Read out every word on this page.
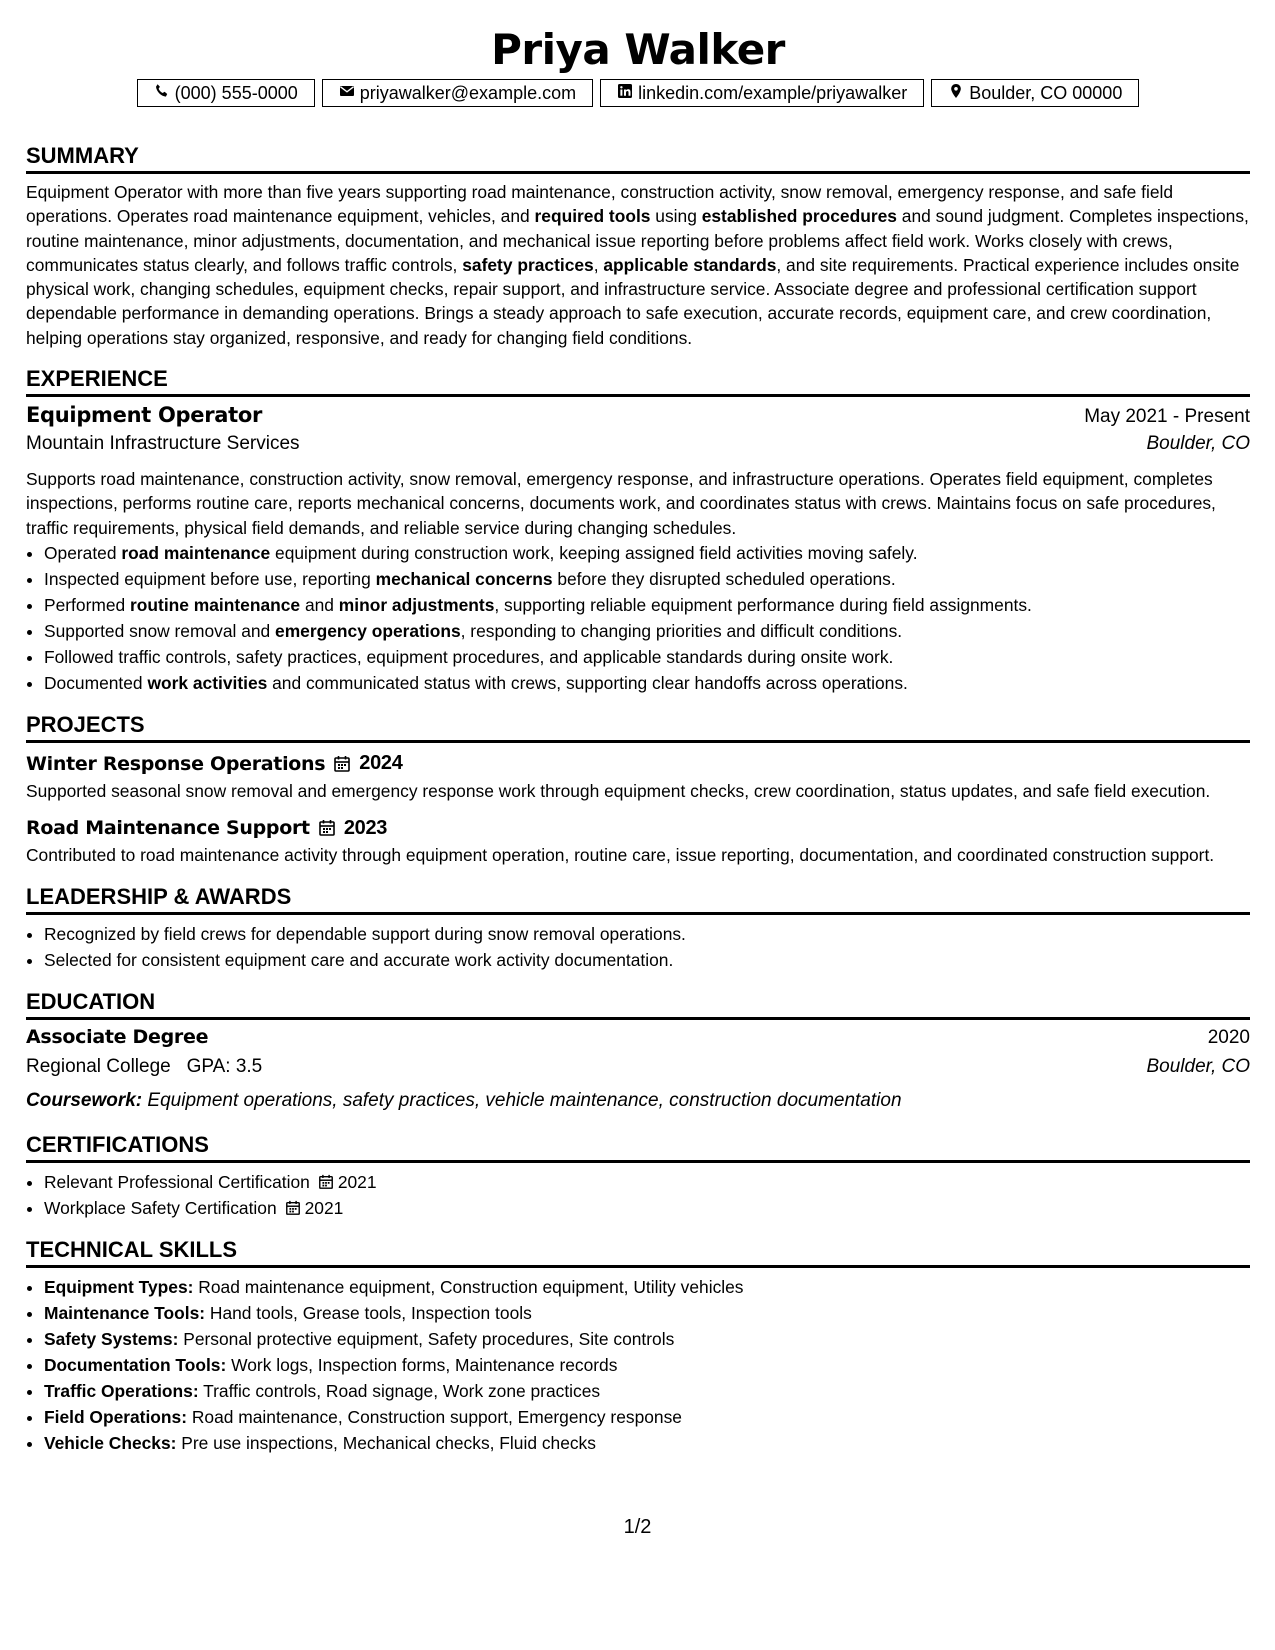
Priya Walker
(000) 555-0000	priyawalker@example.com	linkedin.com/example/priyawalker	Boulder, CO 00000
SUMMARY
Equipment Operator with more than five years supporting road maintenance, construction activity, snow removal, emergency response, and safe field operations. Operates road maintenance equipment, vehicles, and required tools using established procedures and sound judgment. Completes inspections, routine maintenance, minor adjustments, documentation, and mechanical issue reporting before problems affect field work. Works closely with crews, communicates status clearly, and follows traffic controls, safety practices, applicable standards, and site requirements. Practical experience includes onsite physical work, changing schedules, equipment checks, repair support, and infrastructure service. Associate degree and professional certification support dependable performance in demanding operations. Brings a steady approach to safe execution, accurate records, equipment care, and crew coordination, helping operations stay organized, responsive, and ready for changing field conditions.
EXPERIENCE
Equipment Operator	May 2021 - Present
Mountain Infrastructure Services	Boulder, CO
Supports road maintenance, construction activity, snow removal, emergency response, and infrastructure operations. Operates field equipment, completes inspections, performs routine care, reports mechanical concerns, documents work, and coordinates status with crews. Maintains focus on safe procedures, traffic requirements, physical field demands, and reliable service during changing schedules.
• Operated road maintenance equipment during construction work, keeping assigned field activities moving safely.
• Inspected equipment before use, reporting mechanical concerns before they disrupted scheduled operations.
• Performed routine maintenance and minor adjustments, supporting reliable equipment performance during field assignments.
• Supported snow removal and emergency operations, responding to changing priorities and difficult conditions.
• Followed traffic controls, safety practices, equipment procedures, and applicable standards during onsite work.
• Documented work activities and communicated status with crews, supporting clear handoffs across operations.
PROJECTS
Winter Response Operations 2024
Supported seasonal snow removal and emergency response work through equipment checks, crew coordination, status updates, and safe field execution.
Road Maintenance Support 2023
Contributed to road maintenance activity through equipment operation, routine care, issue reporting, documentation, and coordinated construction support.
LEADERSHIP & AWARDS
• Recognized by field crews for dependable support during snow removal operations.
• Selected for consistent equipment care and accurate work activity documentation.
EDUCATION
Associate Degree	2020
Regional College GPA: 3.5	Boulder, CO
Coursework: Equipment operations, safety practices, vehicle maintenance, construction documentation
CERTIFICATIONS
• Relevant Professional Certification 2021
• Workplace Safety Certification 2021
TECHNICAL SKILLS
• Equipment Types: Road maintenance equipment, Construction equipment, Utility vehicles
• Maintenance Tools: Hand tools, Grease tools, Inspection tools
• Safety Systems: Personal protective equipment, Safety procedures, Site controls
• Documentation Tools: Work logs, Inspection forms, Maintenance records
• Traffic Operations: Traffic controls, Road signage, Work zone practices
• Field Operations: Road maintenance, Construction support, Emergency response
• Vehicle Checks: Pre use inspections, Mechanical checks, Fluid checks
1/2
